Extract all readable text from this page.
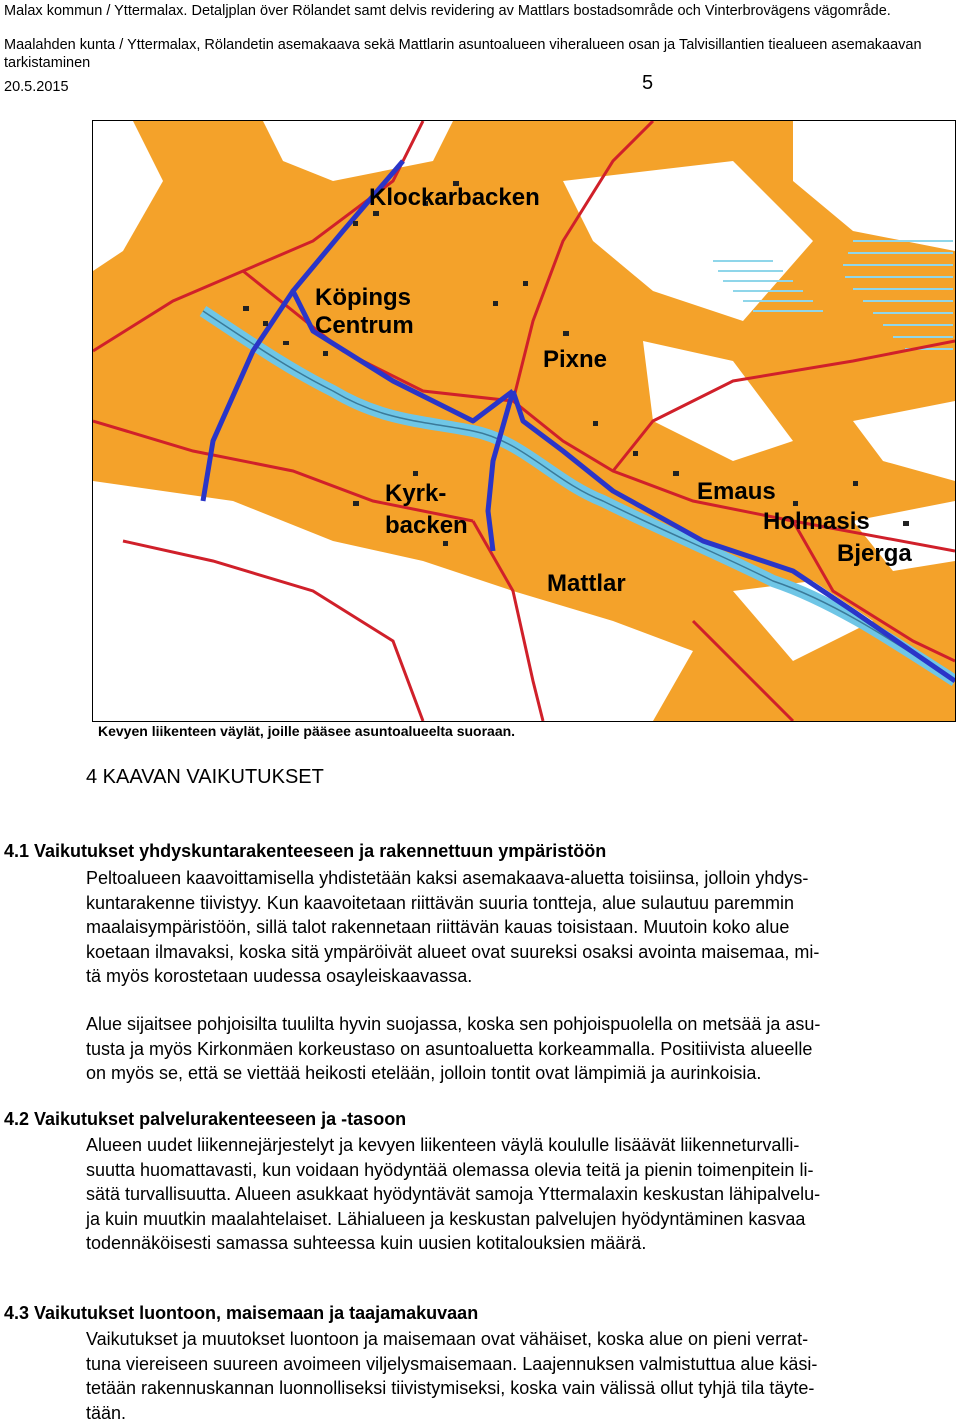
Malax kommun / Yttermalax. Detaljplan över Rölandet samt delvis revidering av Mattlars bostadsområde och Vinterbrovägens vägområde.
Maalahden kunta / Yttermalax, Rölandetin asemakaava sekä Mattlarin asuntoalueen viheralueen osan ja Talvisillantien tiealueen asemakaavan tarkistaminen
20.5.2015	5
Klockarbacken
Köpings
Centrum
Pixne
Kyrk-
backen
Mattlar
Emaus
Holmasis
Bjerga
Kevyen liikenteen väylät, joille pääsee asuntoalueelta suoraan.
4 KAAVAN VAIKUTUKSET
4.1 Vaikutukset yhdyskuntarakenteeseen ja rakennettuun ympäristöön
Peltoalueen kaavoittamisella yhdistetään kaksi asemakaava-aluetta toisiinsa, jolloin yhdys-
kuntarakenne tiivistyy. Kun kaavoitetaan riittävän suuria tontteja, alue sulautuu paremmin
maalaisympäristöön, sillä talot rakennetaan riittävän kauas toisistaan. Muutoin koko alue
koetaan ilmavaksi, koska sitä ympäröivät alueet ovat suureksi osaksi avointa maisemaa, mi-
tä myös korostetaan uudessa osayleiskaavassa.
Alue sijaitsee pohjoisilta tuulilta hyvin suojassa, koska sen pohjoispuolella on metsää ja asu-
tusta ja myös Kirkonmäen korkeustaso on asuntoaluetta korkeammalla. Positiivista alueelle
on myös se, että se viettää heikosti etelään, jolloin tontit ovat lämpimiä ja aurinkoisia.
4.2 Vaikutukset palvelurakenteeseen ja -tasoon
Alueen uudet liikennejärjestelyt ja kevyen liikenteen väylä koululle lisäävät liikenneturvalli-
suutta huomattavasti, kun voidaan hyödyntää olemassa olevia teitä ja pienin toimenpitein li-
sätä turvallisuutta. Alueen asukkaat hyödyntävät samoja Yttermalaxin keskustan lähipalvelu-
ja kuin muutkin maalahtelaiset. Lähialueen ja keskustan palvelujen hyödyntäminen kasvaa
todennäköisesti samassa suhteessa kuin uusien kotitalouksien määrä.
4.3 Vaikutukset luontoon, maisemaan ja taajamakuvaan
Vaikutukset ja muutokset luontoon ja maisemaan ovat vähäiset, koska alue on pieni verrat-
tuna viereiseen suureen avoimeen viljelysmaisemaan. Laajennuksen valmistuttua alue käsi-
tetään rakennuskannan luonnolliseksi tiivistymiseksi, koska vain välissä ollut tyhjä tila täyte-
tään.
